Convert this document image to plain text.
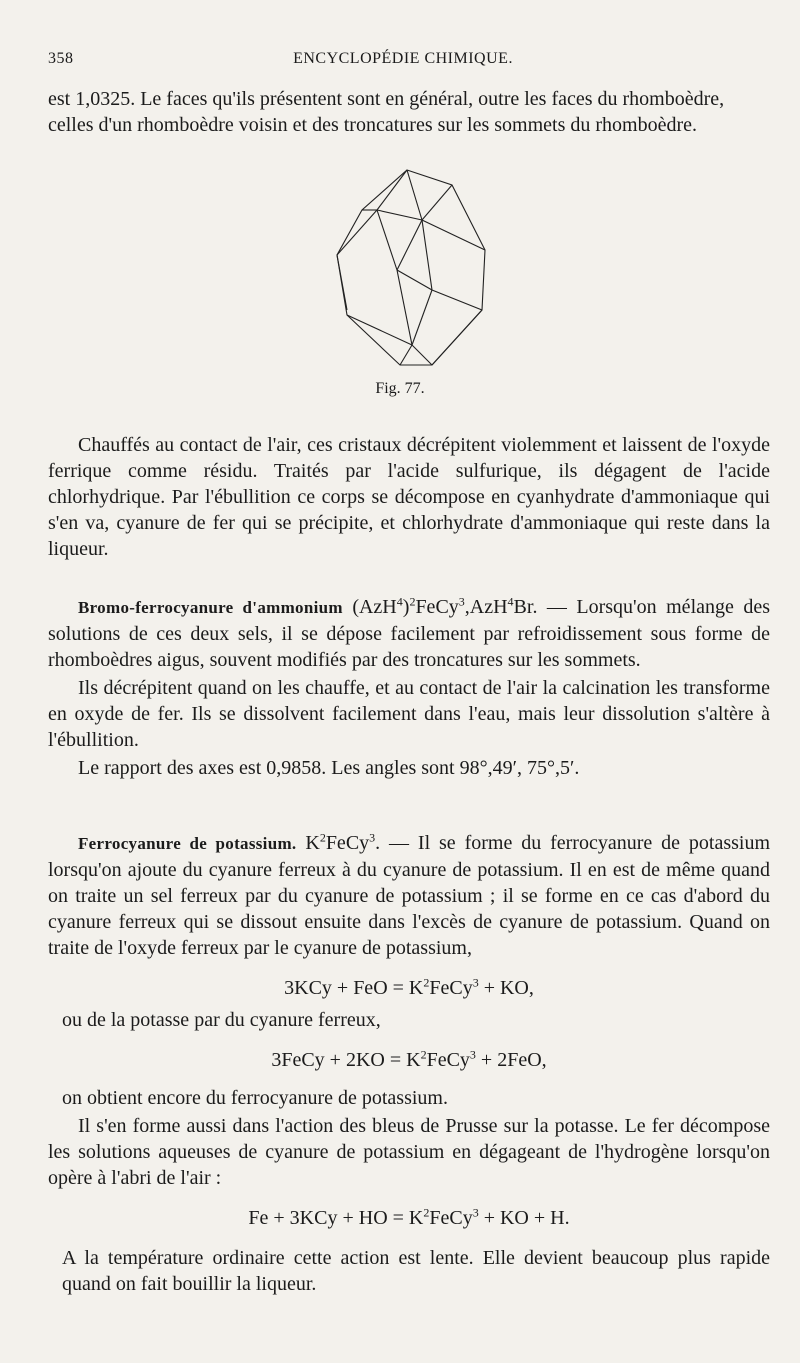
358	ENCYCLOPÉDIE CHIMIQUE.

est 1,0325. Le faces qu'ils présentent sont en général, outre les faces du rhomboèdre,

celles d'un rhomboèdre voisin et des troncatures sur les sommets du rhomboèdre.

Fig. 77.

Chauffés au contact de l'air, ces cristaux décrépitent violemment et laissent de l'oxyde ferrique comme résidu. Traités par l'acide sulfurique, ils dégagent de l'acide chlorhydrique. Par l'ébullition ce corps se décompose en cyanhydrate d'ammoniaque qui s'en va, cyanure de fer qui se précipite, et chlorhydrate d'ammoniaque qui reste dans la liqueur.

Bromo-ferrocyanure d'ammonium $(AzH^4)^2FeCy^3,AzH^4Br$. — Lorsqu'on mélange des solutions de ces deux sels, il se dépose facilement par refroidissement sous forme de rhomboèdres aigus, souvent modifiés par des troncatures sur les sommets.

Ils décrépitent quand on les chauffe, et au contact de l'air la calcination les transforme en oxyde de fer. Ils se dissolvent facilement dans l'eau, mais leur dissolution s'altère à l'ébullition.

Le rapport des axes est 0,9858. Les angles sont 98°,49′, 75°,5′.

Ferrocyanure de potassium. $K^2FeCy^3$. — Il se forme du ferrocyanure de potassium lorsqu'on ajoute du cyanure ferreux à du cyanure de potassium. Il en est de même quand on traite un sel ferreux par du cyanure de potassium ; il se forme en ce cas d'abord du cyanure ferreux qui se dissout ensuite dans l'excès de cyanure de potassium. Quand on traite de l'oxyde ferreux par le cyanure de potassium,

3KCy + FeO = $K^2FeCy^3$ + KO,

ou de la potasse par du cyanure ferreux,

3FeCy + $2KO = K^2FeCy^3 + 2FeO$,

on obtient encore du ferrocyanure de potassium.

Il s'en forme aussi dans l'action des bleus de Prusse sur la potasse. Le fer décompose les solutions aqueuses de cyanure de potassium en dégageant de l'hydrogène lorsqu'on opère à l'abri de l'air :

Fe + 3KCy + HO = $K^2FeCy^3$ + KO + H.

A la température ordinaire cette action est lente. Elle devient beaucoup plus rapide quand on fait bouillir la liqueur.
